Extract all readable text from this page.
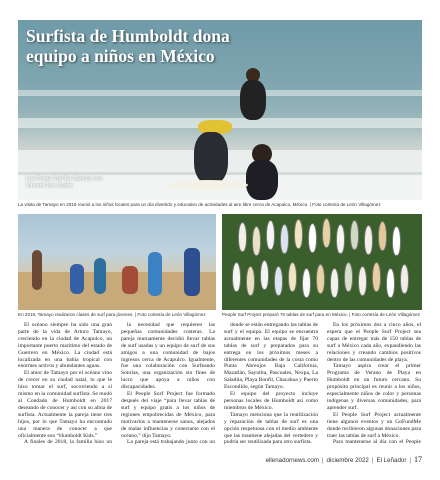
Surfista de Humboldt dona equipo a niños en México
Los Pivots Surf En Cancún con Vincent Toro Surfer
La visita de Tamayo en 2018 reunió a los niños locales para un día divertido y educativo de actividades al aire libre cerca de Acapulco, México. | Foto cortesía de León Villagómez
En 2018, Tamayo realizaron clases de surf para jóvenes. | Foto cortesía de León Villagómez	People Surf Project preparó 70 tablas de surf para en México. | Foto cortesía de León Villagómez

El océano siempre ha sido una gran parte de la vida de Arturo Tamayo, creciendo en la ciudad de Acapulco, un importante puerto marítimo del estado de Guerrero en México. La ciudad está localizada en una bahía tropical con enormes activos y abundantes aguas.

El amor de Tamayo por el océano vino de crecer en su ciudad natal, lo que le hizo tomar el surf, socorriendo a sí mismo en la comunidad surfista. Se mudó al Condado de Humboldt en 2017 deseando de conocer y así con su alma de surfista. Actualmente la pareja tiene tres hijos, por lo que Tamayo ha encontrado una manera de conocer a que oficialmente son “Humboldt Kids.”

A finales de 2018, la familia hizo un

la necesidad que requieren las pequeñas comunidades costeras. La pareja mutuamente decidió llevar tablas de surf usadas y un equipo de surf de sus amigos a una comunidad de bajos ingresos cerca de Acapulco. Igualmente, fue una colaboración con Surfeando Sonrías, una organización sin fines de lucro que apoya a niños con discapacidades.

El People Surf Project fue formado después del viaje “para llevar tablas de surf y equipo gratis a los niños de regiones empobrecidas de México, para motivarlos a mantenerse sanos, alejados de malas influencias y conectarse con el océano,” dijo Tamayo.

La pareja está trabajando junto con un

donde se están entregando las tablas de surf y el equipo. El equipo se encuentra actualmente en las etapas de fijar 70 tablas de surf y preparados para su entrega en los próximos meses a diferentes comunidades de la costa como Punta Abreojos Baja California, Mazatlán, Sayulita, Pascuales, Nexpa, La Saladita, Playa Bonfil, Chacahua y Puerto Escondido, según Tamayo.

El equipo del proyecto incluye personas locales de Humboldt así como miembros de México.

Tamayo menciona que la reutilización y reparación de tablas de surf es una opción respetuosa con el medio ambiente que las mantiene alejadas del vertedero y podría ser reutilizada para otro surfista.

En los próximos dos a cinco años, el espera que el People Surf Project sea capaz de entregar más de 150 tablas de surf a México cada año, expandiendo las relaciones y creando cambios positivos dentro de las comunidades de playa.

Tamayo aspira crear el primer Programa de Verano de Playa en Humboldt en un futuro cercano. Su propósito principal es reunir a los niños, especialmente niños de color y personas indígenas y diversas comunidades, para aprender surf.

El People Surf Project actualmente tiene algunos eventos y un GoFundMe donde recibieron algunas donaciones para traer las tablas de surf a México.

Para mantenerse al día con el People

ellenadornews.com | diciembre 2022 | El Leñador | 17
